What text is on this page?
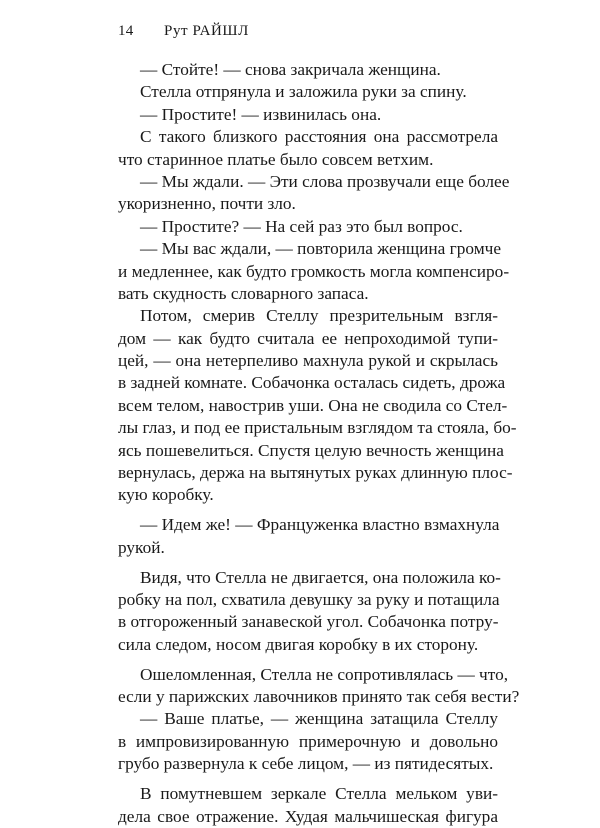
14 Рут РАЙШЛ
— Стойте! — снова закричала женщина.
Стелла отпрянула и заложила руки за спину.
— Простите! — извинилась она.
С такого близкого расстояния она рассмотрела
что старинное платье было совсем ветхим.
— Мы ждали. — Эти слова прозвучали еще более
укоризненно, почти зло.
— Простите? — На сей раз это был вопрос.
— Мы вас ждали, — повторила женщина громче
и медленнее, как будто громкость могла компенсиро-
вать скудность словарного запаса.
Потом, смерив Стеллу презрительным взгля-
дом — как будто считала ее непроходимой тупи-
цей, — она нетерпеливо махнула рукой и скрылась
в задней комнате. Собачонка осталась сидеть, дрожа
всем телом, навострив уши. Она не сводила со Стел-
лы глаз, и под ее пристальным взглядом та стояла, бо-
ясь пошевелиться. Спустя целую вечность женщина
вернулась, держа на вытянутых руках длинную плос-
кую коробку.
— Идем же! — Француженка властно взмахнула
рукой.
Видя, что Стелла не двигается, она положила ко-
робку на пол, схватила девушку за руку и потащила
в отгороженный занавеской угол. Собачонка потру-
сила следом, носом двигая коробку в их сторону.
Ошеломленная, Стелла не сопротивлялась — что,
если у парижских лавочников принято так себя вести?
— Ваше платье, — женщина затащила Стеллу
в импровизированную примерочную и довольно
грубо развернула к себе лицом, — из пятидесятых.
В помутневшем зеркале Стелла мельком уви-
дела свое отражение. Худая мальчишеская фигура
